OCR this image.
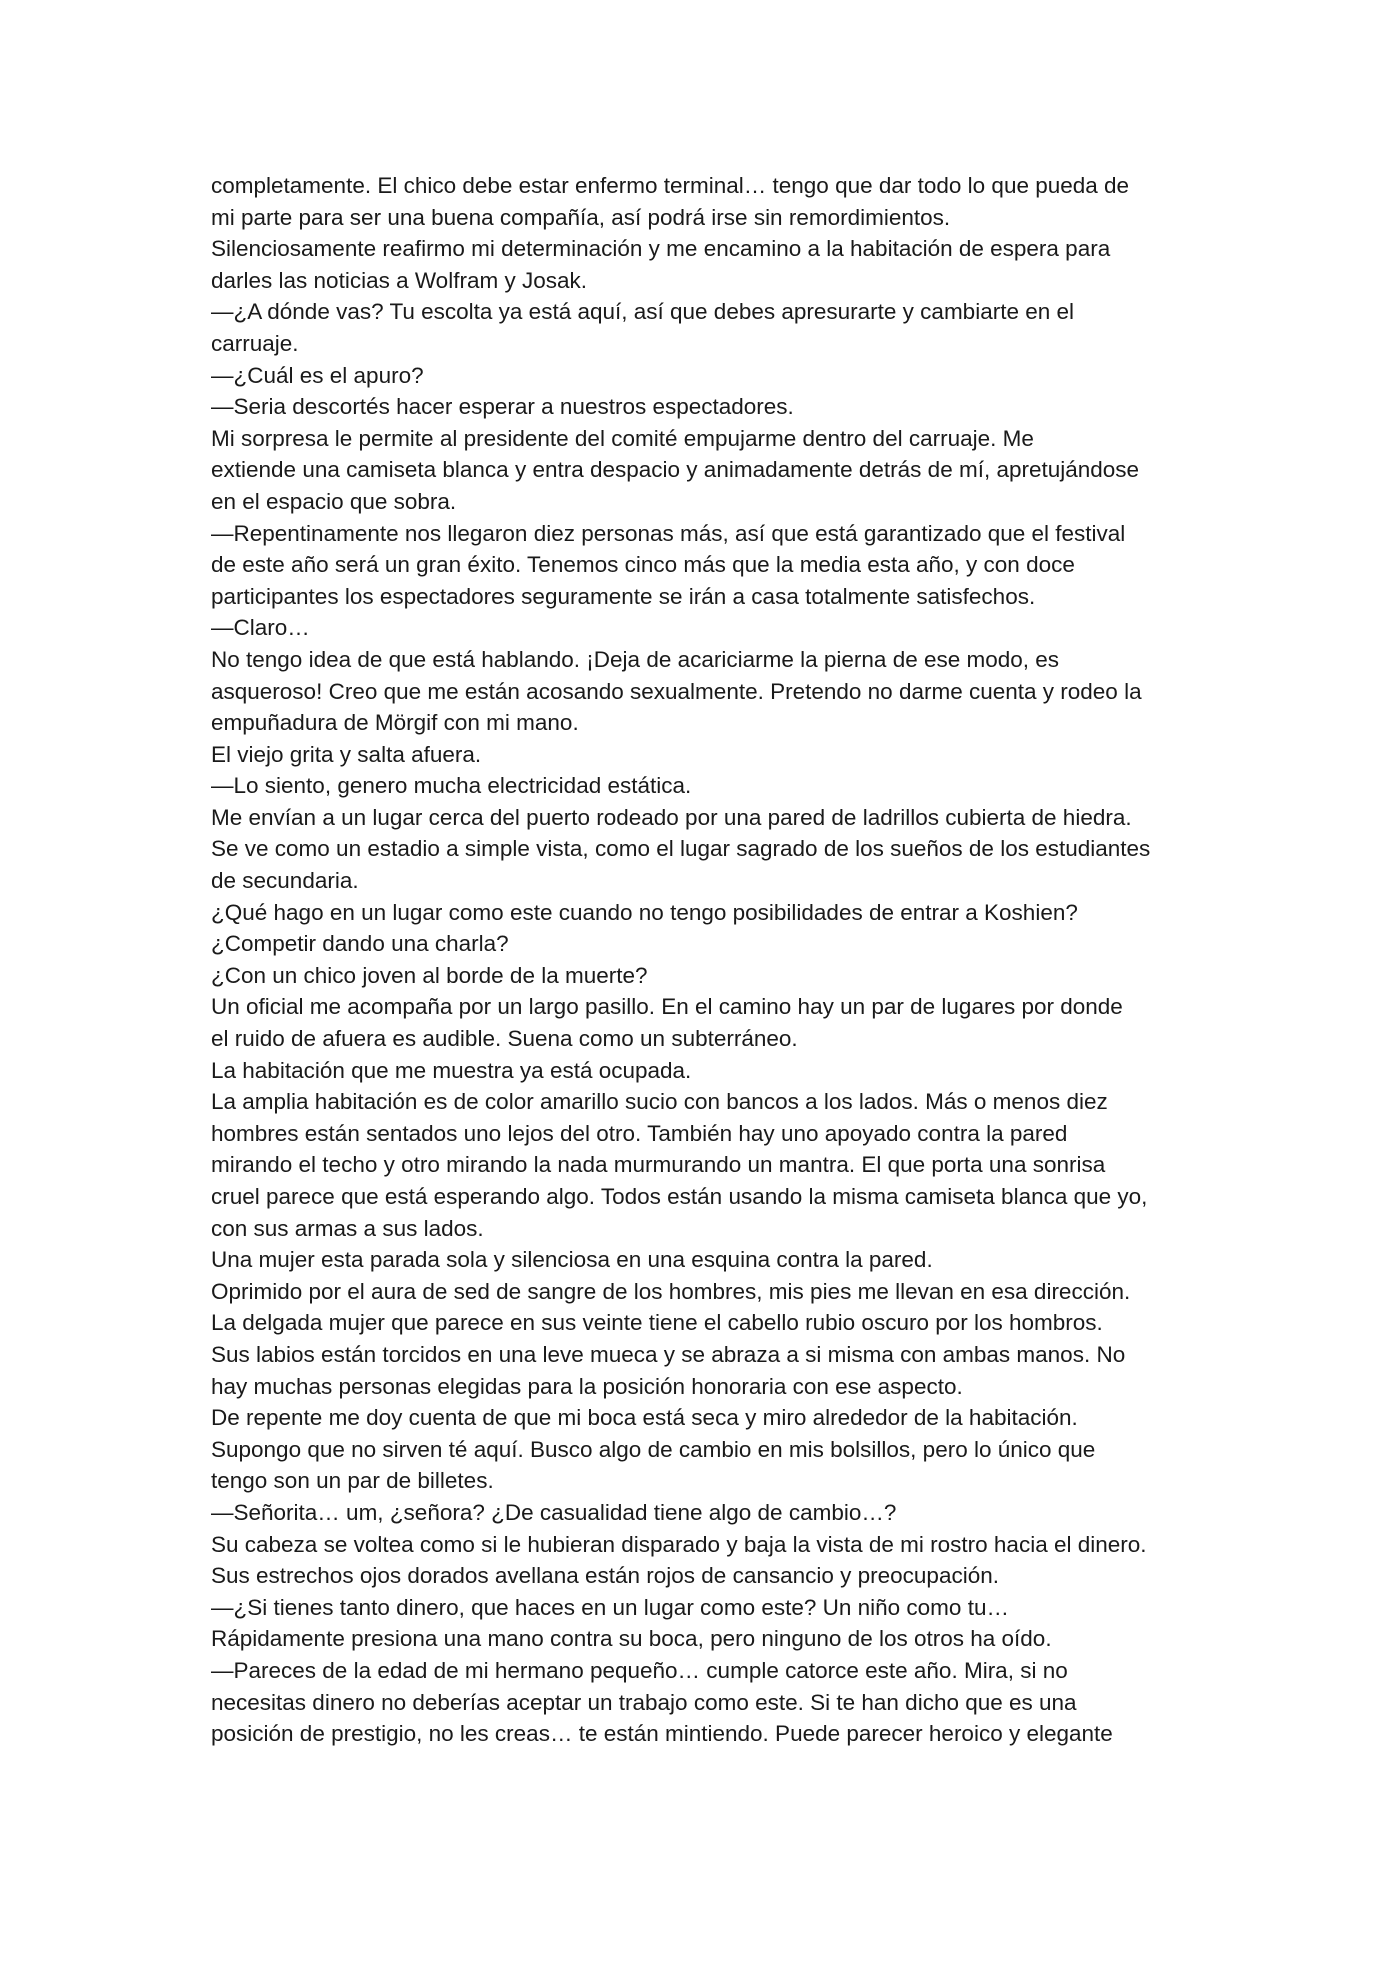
completamente. El chico debe estar enfermo terminal… tengo que dar todo lo que pueda de

mi parte para ser una buena compañía, así podrá irse sin remordimientos.

Silenciosamente reafirmo mi determinación y me encamino a la habitación de espera para

darles las noticias a Wolfram y Josak.

—¿A dónde vas? Tu escolta ya está aquí, así que debes apresurarte y cambiarte en el

carruaje.

—¿Cuál es el apuro?

—Seria descortés hacer esperar a nuestros espectadores.

Mi sorpresa le permite al presidente del comité empujarme dentro del carruaje. Me

extiende una camiseta blanca y entra despacio y animadamente detrás de mí, apretujándose

en el espacio que sobra.

—Repentinamente nos llegaron diez personas más, así que está garantizado que el festival

de este año será un gran éxito. Tenemos cinco más que la media esta año, y con doce

participantes los espectadores seguramente se irán a casa totalmente satisfechos.

—Claro…

No tengo idea de que está hablando. ¡Deja de acariciarme la pierna de ese modo, es

asqueroso! Creo que me están acosando sexualmente. Pretendo no darme cuenta y rodeo la

empuñadura de Mörgif con mi mano.

El viejo grita y salta afuera.

—Lo siento, genero mucha electricidad estática.

Me envían a un lugar cerca del puerto rodeado por una pared de ladrillos cubierta de hiedra.

Se ve como un estadio a simple vista, como el lugar sagrado de los sueños de los estudiantes

de secundaria.

¿Qué hago en un lugar como este cuando no tengo posibilidades de entrar a Koshien?

¿Competir dando una charla?

¿Con un chico joven al borde de la muerte?

Un oficial me acompaña por un largo pasillo. En el camino hay un par de lugares por donde

el ruido de afuera es audible. Suena como un subterráneo.

La habitación que me muestra ya está ocupada.

La amplia habitación es de color amarillo sucio con bancos a los lados. Más o menos diez

hombres están sentados uno lejos del otro. También hay uno apoyado contra la pared

mirando el techo y otro mirando la nada murmurando un mantra. El que porta una sonrisa

cruel parece que está esperando algo. Todos están usando la misma camiseta blanca que yo,

con sus armas a sus lados.

Una mujer esta parada sola y silenciosa en una esquina contra la pared.

Oprimido por el aura de sed de sangre de los hombres, mis pies me llevan en esa dirección.

La delgada mujer que parece en sus veinte tiene el cabello rubio oscuro por los hombros.

Sus labios están torcidos en una leve mueca y se abraza a si misma con ambas manos. No

hay muchas personas elegidas para la posición honoraria con ese aspecto.

De repente me doy cuenta de que mi boca está seca y miro alrededor de la habitación.

Supongo que no sirven té aquí. Busco algo de cambio en mis bolsillos, pero lo único que

tengo son un par de billetes.

—Señorita… um, ¿señora? ¿De casualidad tiene algo de cambio…?

Su cabeza se voltea como si le hubieran disparado y baja la vista de mi rostro hacia el dinero.

Sus estrechos ojos dorados avellana están rojos de cansancio y preocupación.

—¿Si tienes tanto dinero, que haces en un lugar como este? Un niño como tu…

Rápidamente presiona una mano contra su boca, pero ninguno de los otros ha oído.

—Pareces de la edad de mi hermano pequeño… cumple catorce este año. Mira, si no

necesitas dinero no deberías aceptar un trabajo como este. Si te han dicho que es una

posición de prestigio, no les creas… te están mintiendo. Puede parecer heroico y elegante
